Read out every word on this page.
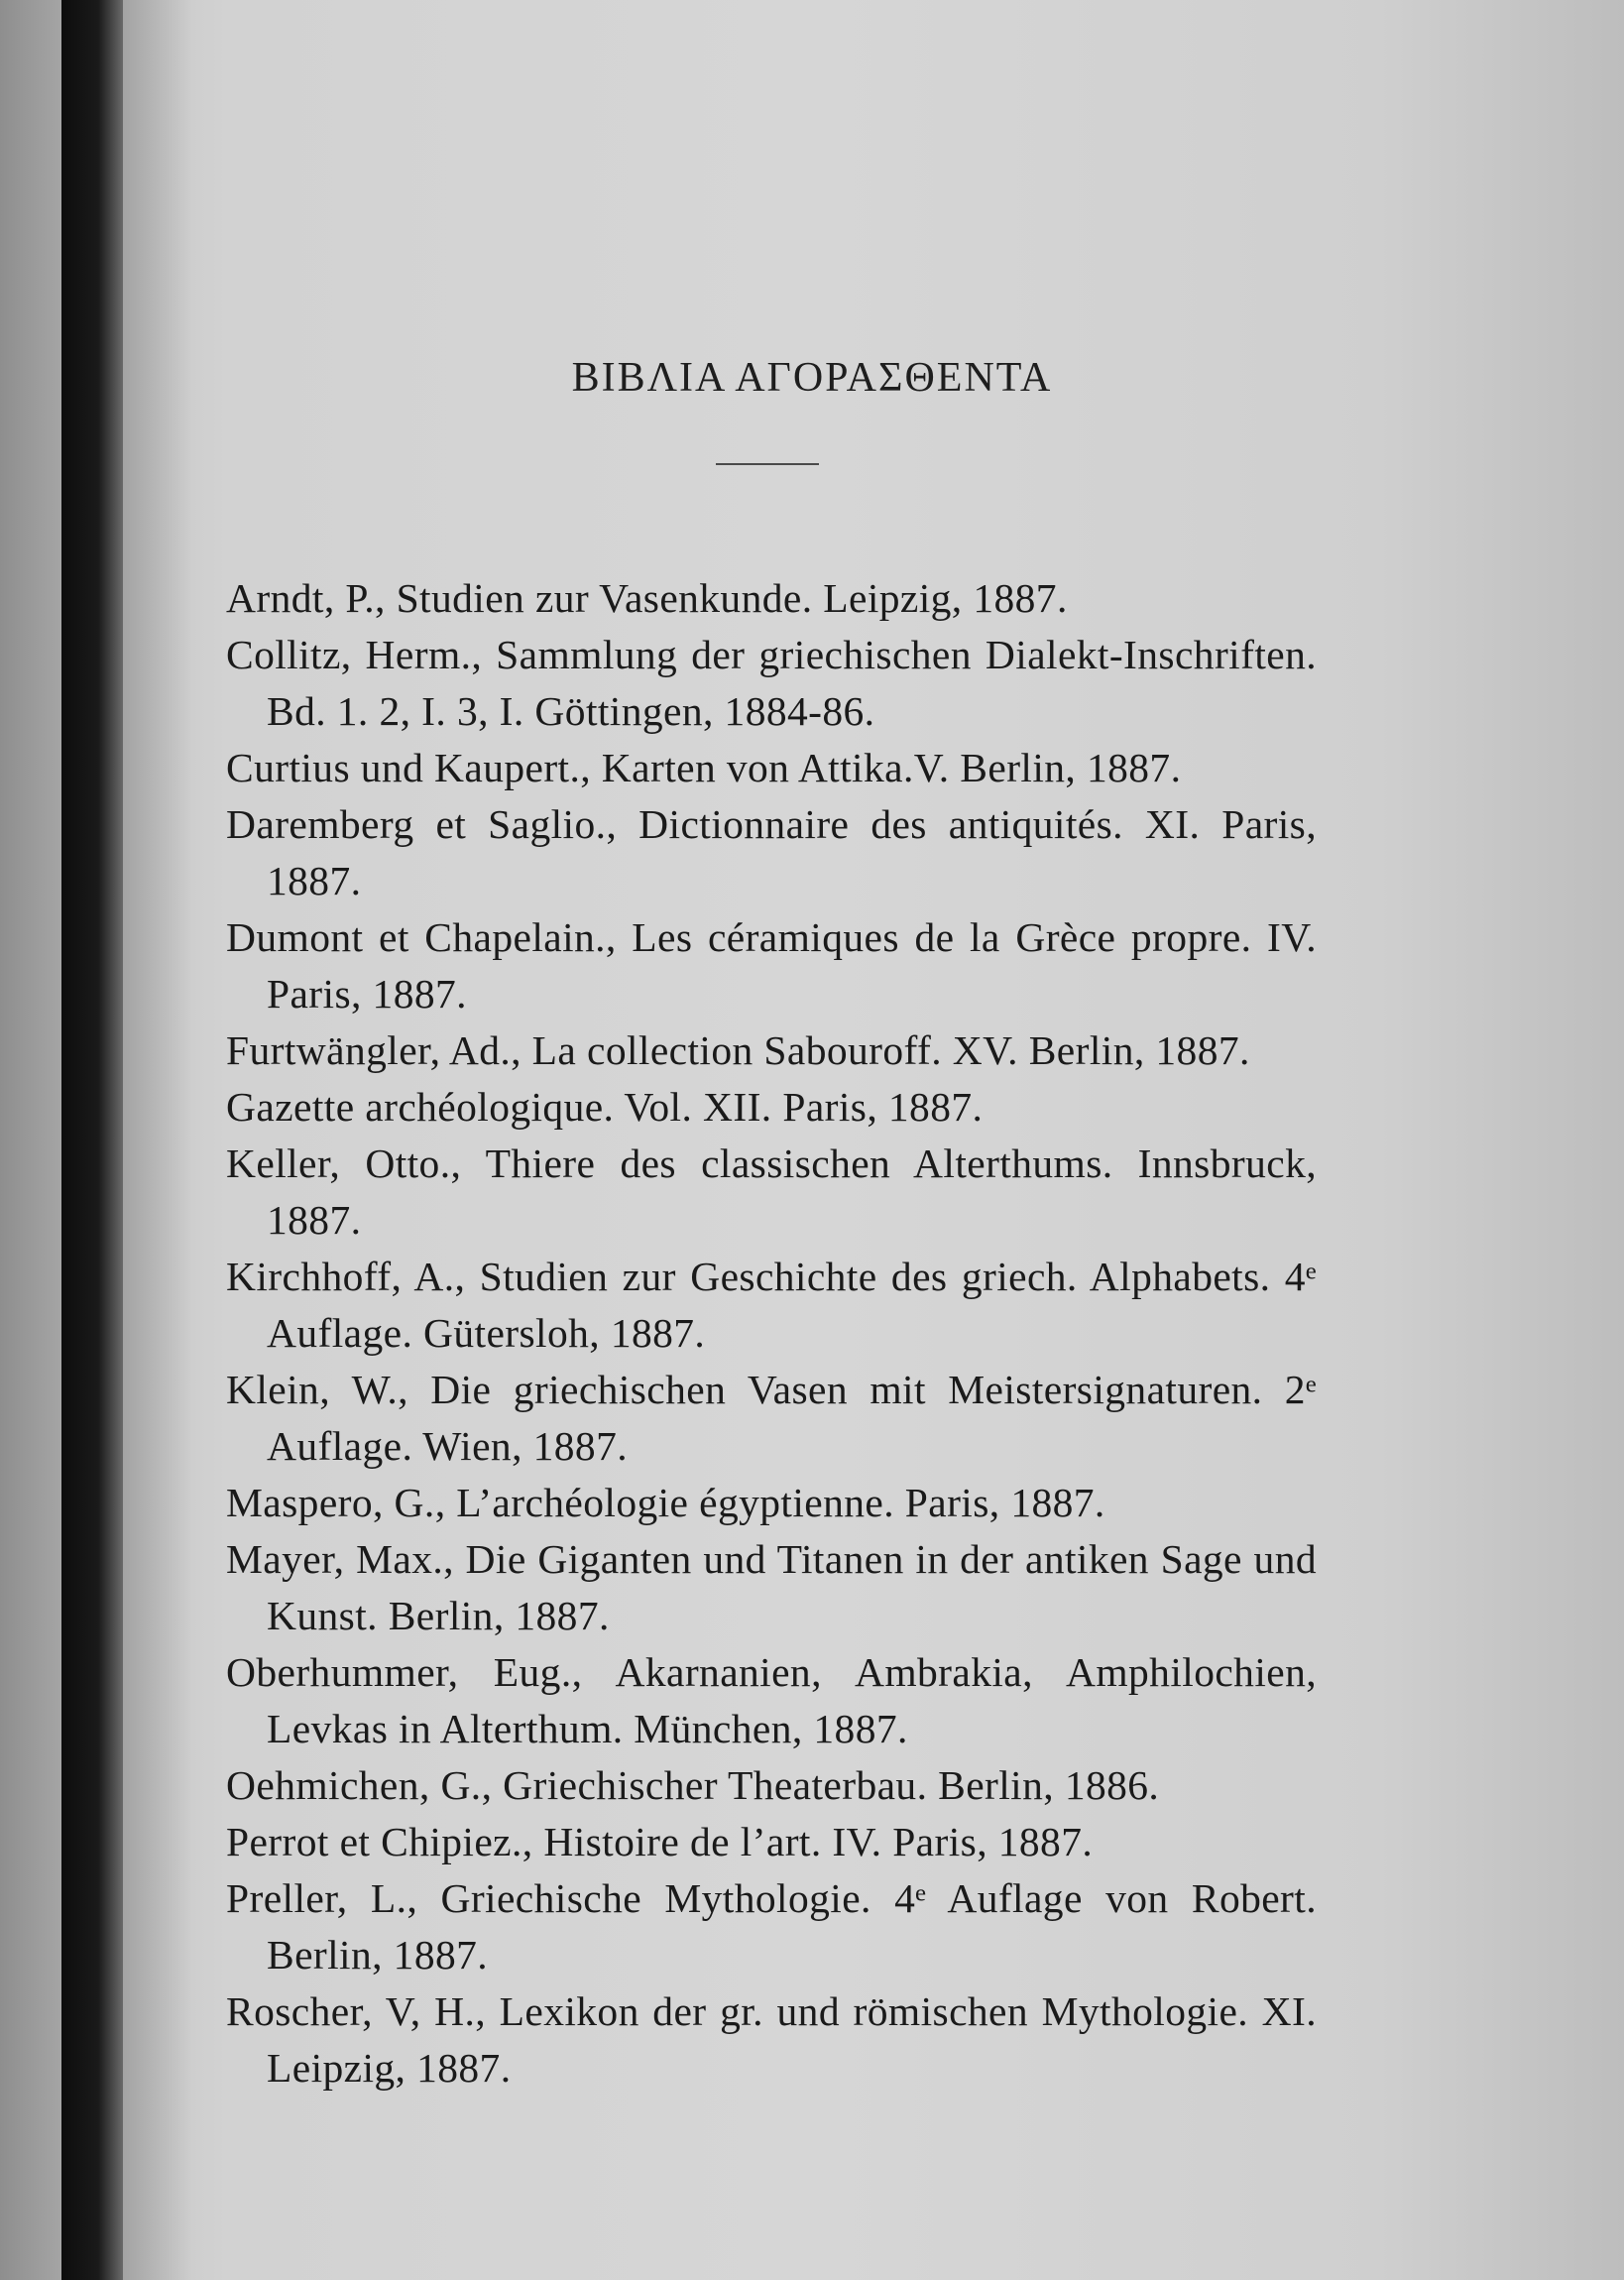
BIBΛIA AΓOPAΣΘENTA

Arndt, P., Studien zur Vasenkunde. Leipzig, 1887.

Collitz, Herm., Sammlung der griechischen Dialekt-Inschriften. Bd. 1. 2, I. 3, I. Göttingen, 1884-86.

Curtius und Kaupert., Karten von Attika.V. Berlin, 1887.

Daremberg et Saglio., Dictionnaire des antiquités. XI. Paris, 1887.

Dumont et Chapelain., Les céramiques de la Grèce propre. IV. Paris, 1887.

Furtwängler, Ad., La collection Sabouroff. XV. Berlin, 1887.

Gazette archéologique. Vol. XII. Paris, 1887.

Keller, Otto., Thiere des classischen Alterthums. Innsbruck, 1887.

Kirchhoff, A., Studien zur Geschichte des griech. Alphabets. 4ᵉ Auflage. Gütersloh, 1887.

Klein, W., Die griechischen Vasen mit Meistersignaturen. 2ᵉ Auflage. Wien, 1887.

Maspero, G., L’archéologie égyptienne. Paris, 1887.

Mayer, Max., Die Giganten und Titanen in der antiken Sage und Kunst. Berlin, 1887.

Oberhummer, Eug., Akarnanien, Ambrakia, Amphilochien, Levkas in Alterthum. München, 1887.

Oehmichen, G., Griechischer Theaterbau. Berlin, 1886.

Perrot et Chipiez., Histoire de l’art. IV. Paris, 1887.

Preller, L., Griechische Mythologie. 4ᵉ Auflage von Robert. Berlin, 1887.

Roscher, V, H., Lexikon der gr. und römischen Mythologie. XI. Leipzig, 1887.
